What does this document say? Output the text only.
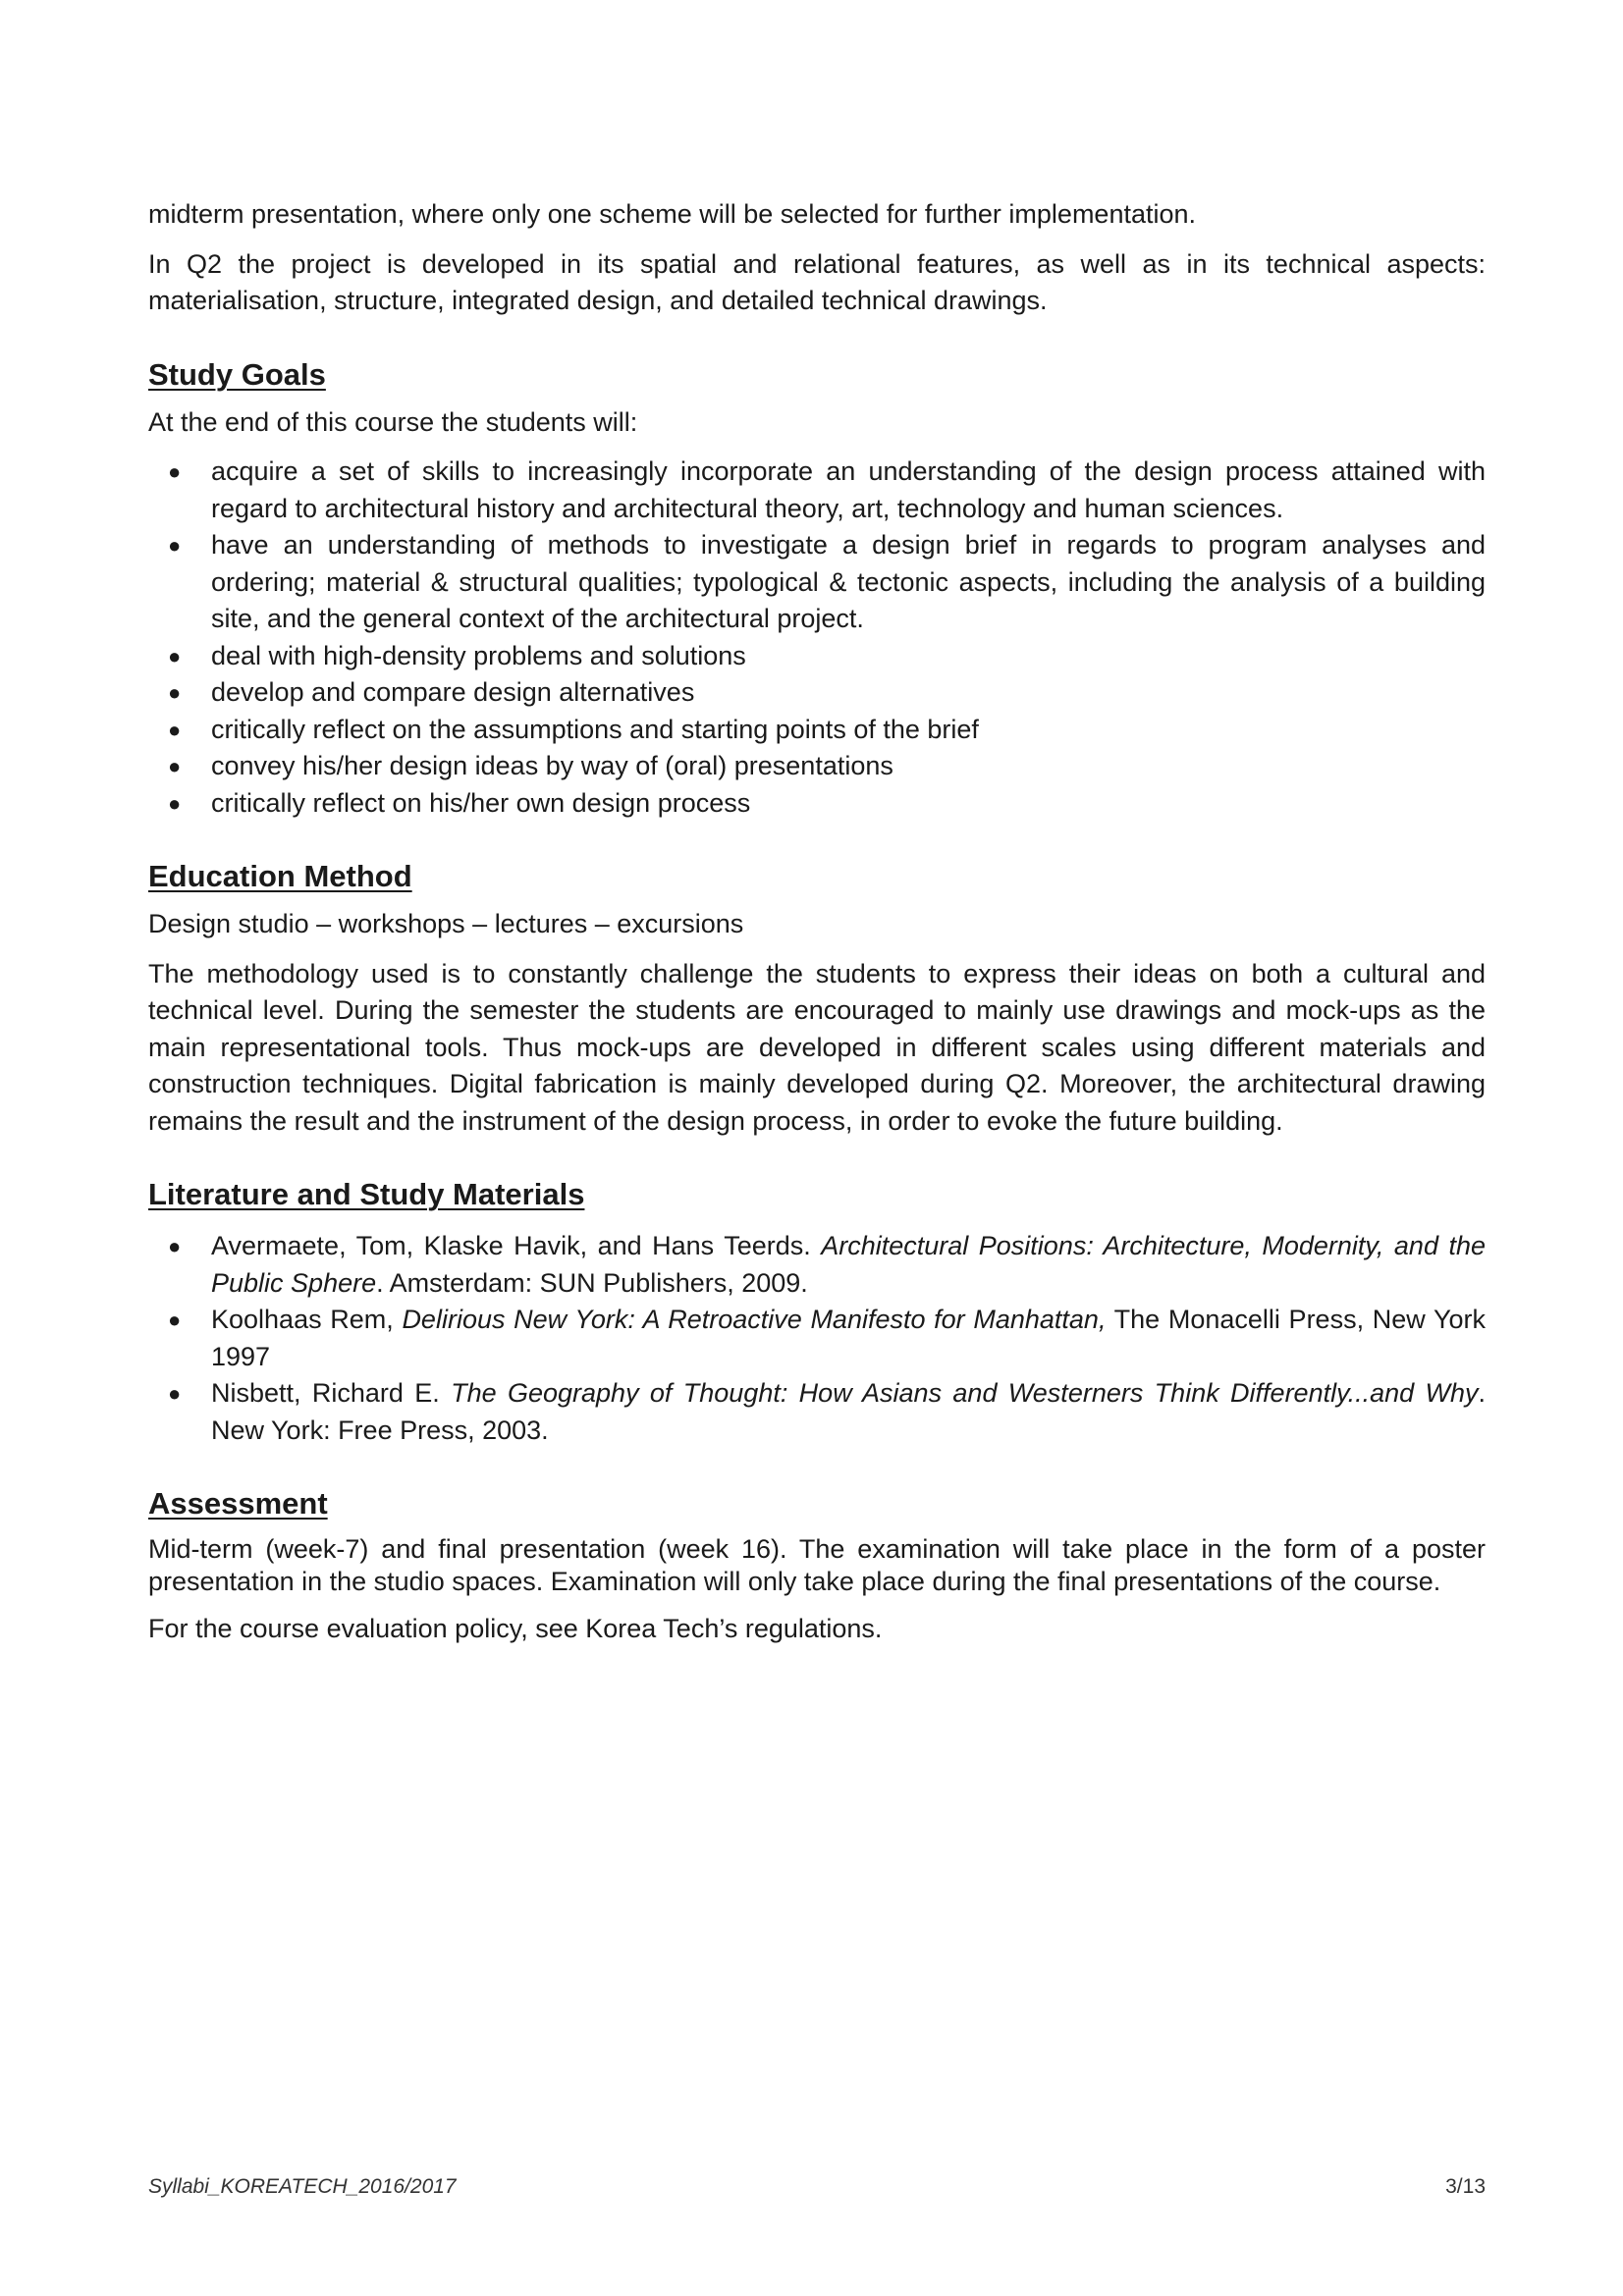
midterm presentation, where only one scheme will be selected for further implementation.

In Q2 the project is developed in its spatial and relational features, as well as in its technical aspects: materialisation, structure, integrated design, and detailed technical drawings.

Study Goals

At the end of this course the students will:

● acquire a set of skills to increasingly incorporate an understanding of the design process attained with regard to architectural history and architectural theory, art, technology and human sciences.
● have an understanding of methods to investigate a design brief in regards to program analyses and ordering; material & structural qualities; typological & tectonic aspects, including the analysis of a building site, and the general context of the architectural project.
● deal with high-density problems and solutions
● develop and compare design alternatives
● critically reflect on the assumptions and starting points of the brief
● convey his/her design ideas by way of (oral) presentations
● critically reflect on his/her own design process
Education Method

Design studio – workshops – lectures – excursions

The methodology used is to constantly challenge the students to express their ideas on both a cultural and technical level. During the semester the students are encouraged to mainly use drawings and mock-ups as the main representational tools. Thus mock-ups are developed in different scales using different materials and construction techniques. Digital fabrication is mainly developed during Q2. Moreover, the architectural drawing remains the result and the instrument of the design process, in order to evoke the future building.

Literature and Study Materials
● Avermaete, Tom, Klaske Havik, and Hans Teerds. Architectural Positions: Architecture, Modernity, and the Public Sphere. Amsterdam: SUN Publishers, 2009.
● Koolhaas Rem, Delirious New York: A Retroactive Manifesto for Manhattan, The Monacelli Press, New York 1997
● Nisbett, Richard E. The Geography of Thought: How Asians and Westerners Think Differently...and Why. New York: Free Press, 2003.
Assessment

Mid-term (week-7) and final presentation (week 16). The examination will take place in the form of a poster presentation in the studio spaces. Examination will only take place during the final presentations of the course.

For the course evaluation policy, see Korea Tech’s regulations.

Syllabi_KOREATECH_2016/2017	3/13
